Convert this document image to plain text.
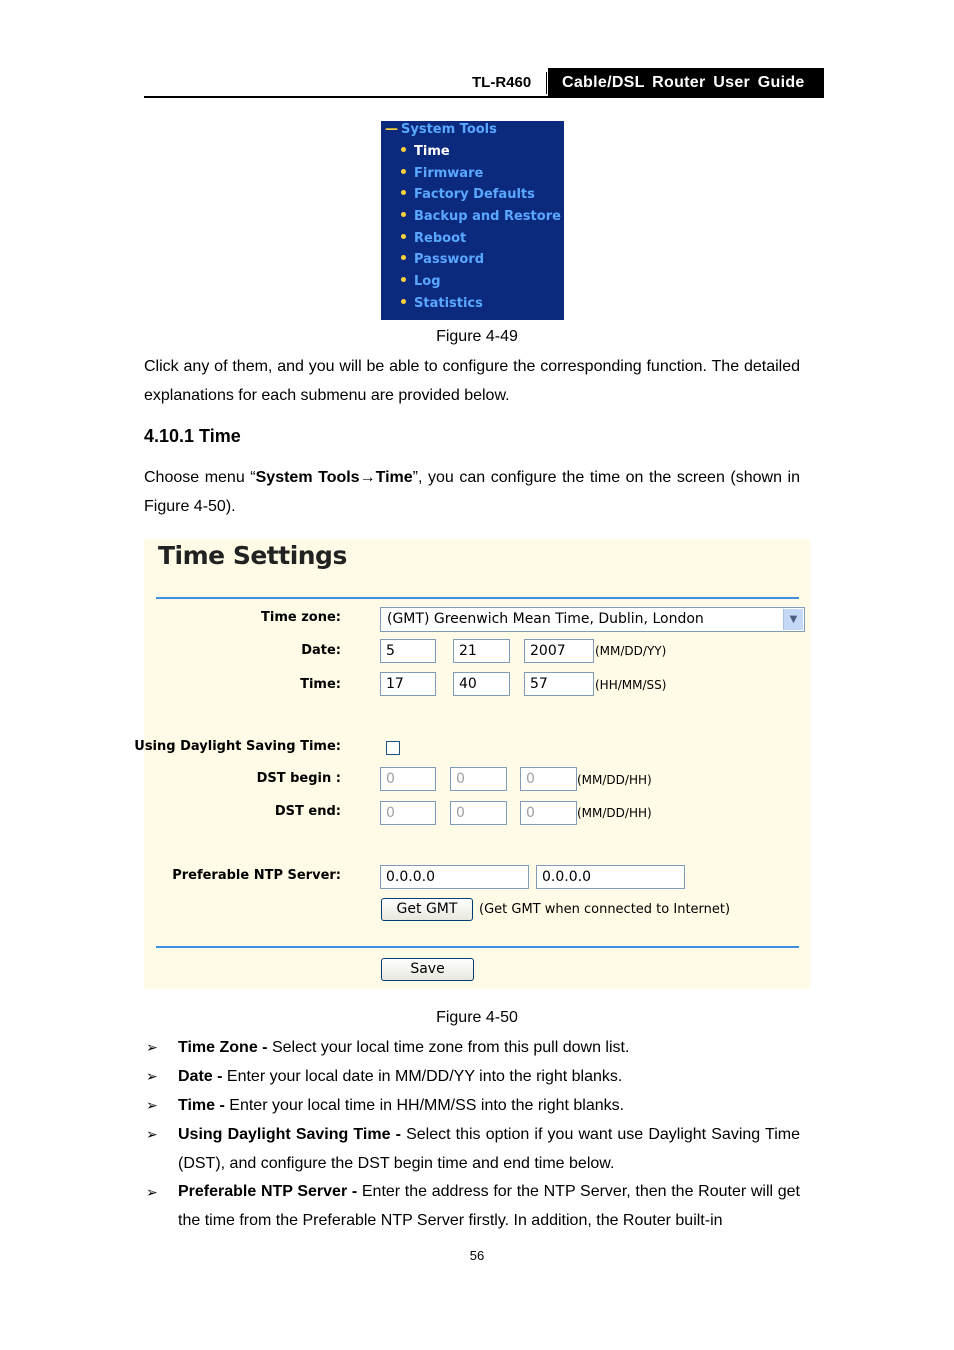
TL-R460	Cable/DSL Router User Guide
— System Tools
Time
Firmware
Factory Defaults
Backup and Restore
Reboot
Password
Log
Statistics
Figure 4-49
Click any of them, and you will be able to configure the corresponding function. The detailed explanations for each submenu are provided below.
4.10.1 Time
Choose menu “System Tools→Time”, you can configure the time on the screen (shown in Figure 4-50).
Time Settings
Time zone:	(GMT) Greenwich Mean Time, Dublin, London	▼
Date:	5	21	2007	(MM/DD/YY)
Time:	17	40	57	(HH/MM/SS)
Using Daylight Saving Time:
DST begin :	0	0	0	(MM/DD/HH)
DST end:	0	0	0	(MM/DD/HH)
Preferable NTP Server:	0.0.0.0	0.0.0.0
Get GMT	(Get GMT when connected to Internet)
Save
Figure 4-50
➢ Time Zone - Select your local time zone from this pull down list.
➢ Date - Enter your local date in MM/DD/YY into the right blanks.
➢ Time - Enter your local time in HH/MM/SS into the right blanks.
➢ Using Daylight Saving Time - Select this option if you want use Daylight Saving Time (DST), and configure the DST begin time and end time below.
➢ Preferable NTP Server - Enter the address for the NTP Server, then the Router will get the time from the Preferable NTP Server firstly. In addition, the Router built-in
56
